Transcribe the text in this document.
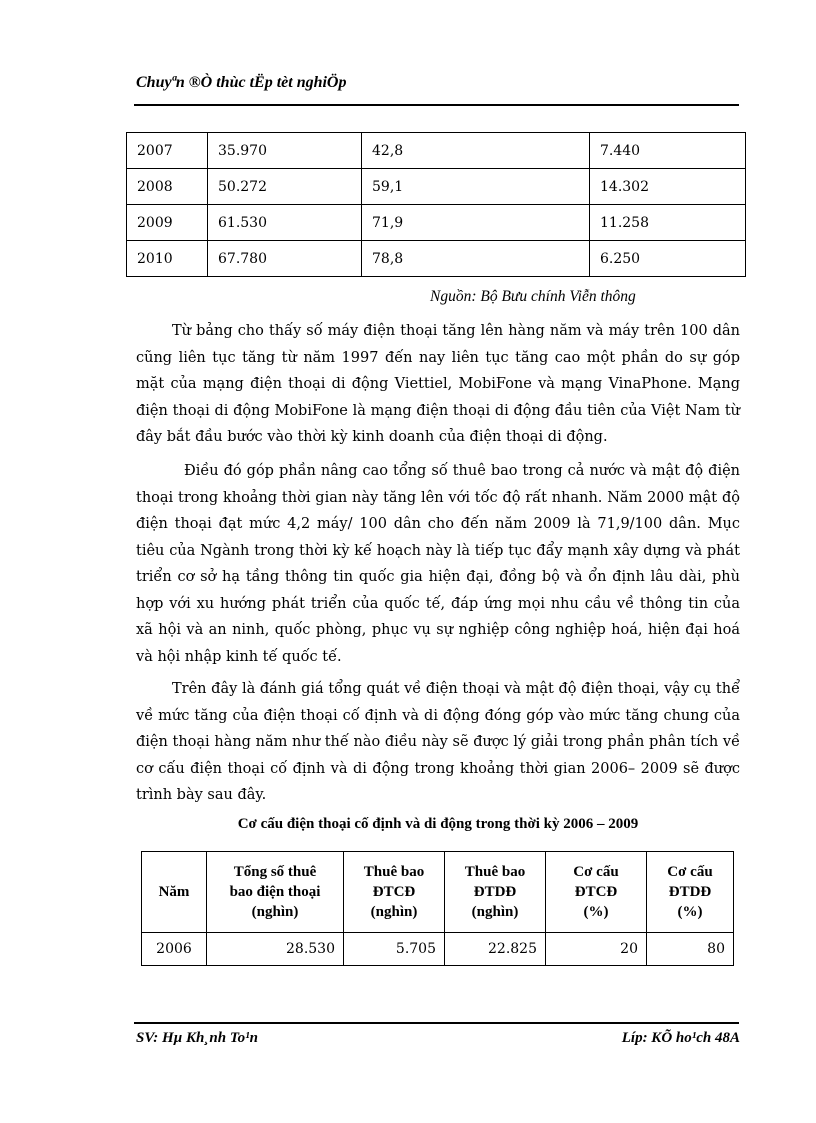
Chuyªn ®Ò thùc tËp tèt nghiÖp
2007	35.970	42,8	7.440
2008	50.272	59,1	14.302
2009	61.530	71,9	11.258
2010	67.780	78,8	6.250
Nguồn: Bộ Bưu chính Viễn thông

Từ bảng cho thấy số máy điện thoại tăng lên hàng năm và máy trên 100 dân cũng liên tục tăng từ năm 1997 đến nay liên tục tăng cao một phần do sự góp mặt của mạng điện thoại di động Viettiel, MobiFone và mạng VinaPhone. Mạng điện thoại di động MobiFone là mạng điện thoại di động đầu tiên của Việt Nam từ đây bắt đầu bước vào thời kỳ kinh doanh của điện thoại di động.

Điều đó góp phần nâng cao tổng số thuê bao trong cả nước và mật độ điện thoại trong khoảng thời gian này tăng lên với tốc độ rất nhanh. Năm 2000 mật độ điện thoại đạt mức 4,2 máy/ 100 dân cho đến năm 2009 là 71,9/100 dân. Mục tiêu của Ngành trong thời kỳ kế hoạch này là tiếp tục đẩy mạnh xây dựng và phát triển cơ sở hạ tầng thông tin quốc gia hiện đại, đồng bộ và ổn định lâu dài, phù hợp với xu hướng phát triển của quốc tế, đáp ứng mọi nhu cầu về thông tin của xã hội và an ninh, quốc phòng, phục vụ sự nghiệp công nghiệp hoá, hiện đại hoá và hội nhập kinh tế quốc tế.

Trên đây là đánh giá tổng quát về điện thoại và mật độ điện thoại, vậy cụ thể về mức tăng của điện thoại cố định và di động đóng góp vào mức tăng chung của điện thoại hàng năm như thế nào điều này sẽ được lý giải trong phần phân tích về cơ cấu điện thoại cố định và di động trong khoảng thời gian 2006– 2009 sẽ được trình bày sau đây.

Cơ cấu điện thoại cố định và di động trong thời kỳ 2006 – 2009
Năm	Tổng số thuê
bao điện thoại
(nghìn)	Thuê bao
ĐTCĐ
(nghìn)	Thuê bao
ĐTDĐ
(nghìn)	Cơ cấu
ĐTCĐ
(%)	Cơ cấu
ĐTDĐ
(%)

2006	28.530	5.705	22.825	20	80
SV: Hµ Kh¸nh To¹n	Líp: KÕ ho¹ch 48A
